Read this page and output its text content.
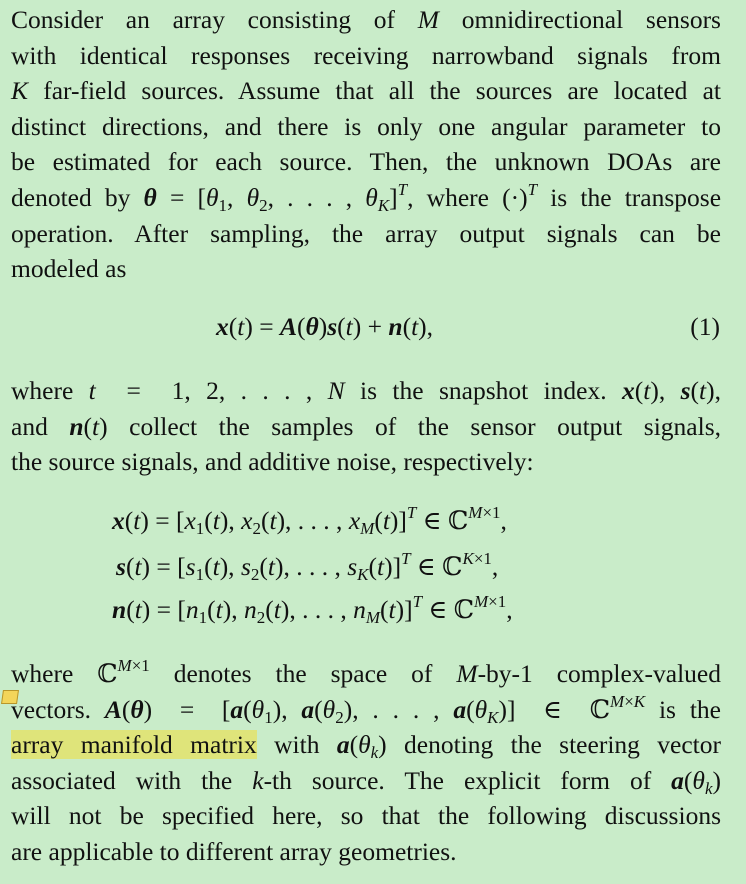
Consider an array consisting of M omnidirectional sensors
with identical responses receiving narrowband signals from
K far-field sources. Assume that all the sources are located at
distinct directions, and there is only one angular parameter to
be estimated for each source. Then, the unknown DOAs are
denoted by $\theta = [\theta_1$, $\theta_2$, . . . , $\theta_K]^T$, where $(\cdot)^T$ is the transpose
operation. After sampling, the array output signals can be
modeled as
x(t) = A(θ)s(t) + n(t),	(1)
where t  =  1, 2, . . . , N is the snapshot index. x(t), s(t),
and n(t) collect the samples of the sensor output signals,
the source signals, and additive noise, respectively:
$x(t) = [x_1(t)$, $x_2(t)$, . . . , $x_M(t)]^T$ ∈ ℂ$^{M\times 1}$,
$s(t) = [s_1(t)$, $s_2(t)$, . . . , $s_K(t)]^T$ ∈ ℂ$^{K\times 1}$,
$n(t) = [n_1(t)$, $n_2(t)$, . . . , $n_M(t)]^T$ ∈ ℂ$^{M\times 1}$,
where ℂ$^{M\times 1}$ denotes the space of M-by-1 complex-valued
vectors. $A(\theta) = [a(\theta_1)$, $a(\theta_2)$, . . . , $a(\theta_K)$]  ∈  ℂ$^{M\times K}$ is the
array manifold matrix with $a(\theta_k)$ denoting the steering vector
associated with the k-th source. The explicit form of $a(\theta_k)$
will not be specified here, so that the following discussions
are applicable to different array geometries.
